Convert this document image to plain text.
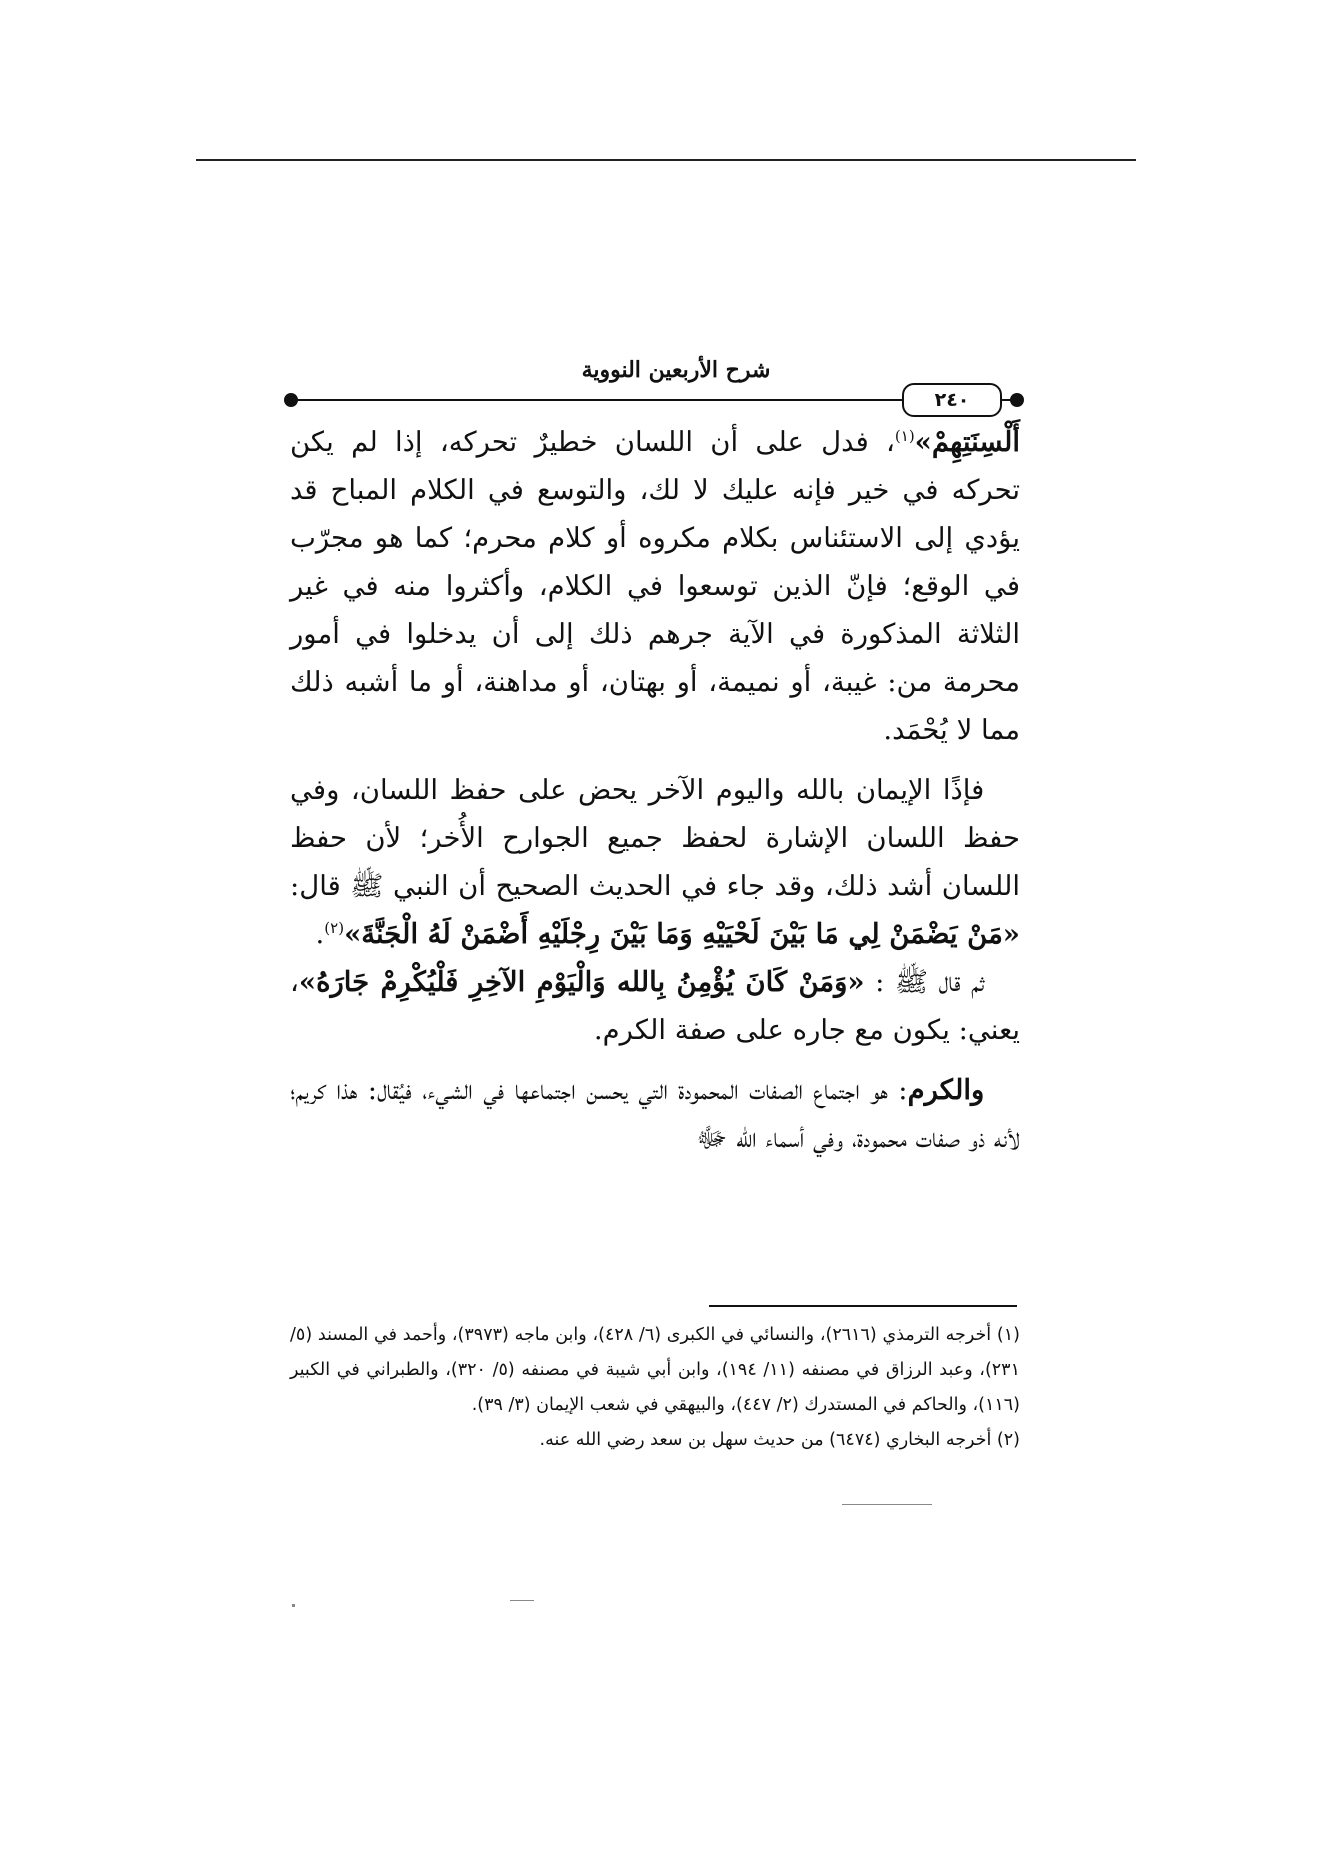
شرح الأربعين النووية
٢٤٠

أَلْسِنَتِهِمْ»$^{(١)}$، فدل على أن اللسان خطيرٌ تحركه، إذا لم يكن تحركه في خير فإنه عليك لا لك، والتوسع في الكلام المباح قد يؤدي إلى الاستئناس بكلام مكروه أو كلام محرم؛ كما هو مجرّب في الوقع؛ فإنّ الذين توسعوا في الكلام، وأكثروا منه في غير الثلاثة المذكورة في الآية جرهم ذلك إلى أن يدخلوا في أمور محرمة من: غيبة، أو نميمة، أو بهتان، أو مداهنة، أو ما أشبه ذلك مما لا يُحْمَد.

فإذًا الإيمان بالله واليوم الآخر يحض على حفظ اللسان، وفي حفظ اللسان الإشارة لحفظ جميع الجوارح الأُخر؛ لأن حفظ اللسان أشد ذلك، وقد جاء في الحديث الصحيح أن النبي ﷺ قال: «مَنْ يَضْمَنْ لِي مَا بَيْنَ لَحْيَيْهِ وَمَا بَيْنَ رِجْلَيْهِ أَضْمَنْ لَهُ الْجَنَّةَ»$^{(٢)}$.

ثم قال ﷺ : «وَمَنْ كَانَ يُؤْمِنُ بِالله وَالْيَوْمِ الآخِرِ فَلْيُكْرِمْ جَارَهُ»، يعني: يكون مع جاره على صفة الكرم.

والكرم: هو اجتماع الصفات المحمودة التي يحسن اجتماعها في الشيء، فيُقال: هذا كريم؛ لأنه ذو صفات محمودة، وفي أسماء الله ﷻ

(١) أخرجه الترمذي (٢٦١٦)، والنسائي في الكبرى (٦/ ٤٢٨)، وابن ماجه (٣٩٧٣)، وأحمد في المسند (٥/ ٢٣١)، وعبد الرزاق في مصنفه (١١/ ١٩٤)، وابن أبي شيبة في مصنفه (٥/ ٣٢٠)، والطبراني في الكبير (١١٦)، والحاكم في المستدرك (٢/ ٤٤٧)، والبيهقي في شعب الإيمان (٣/ ٣٩).

(٢) أخرجه البخاري (٦٤٧٤) من حديث سهل بن سعد رضي الله عنه.
